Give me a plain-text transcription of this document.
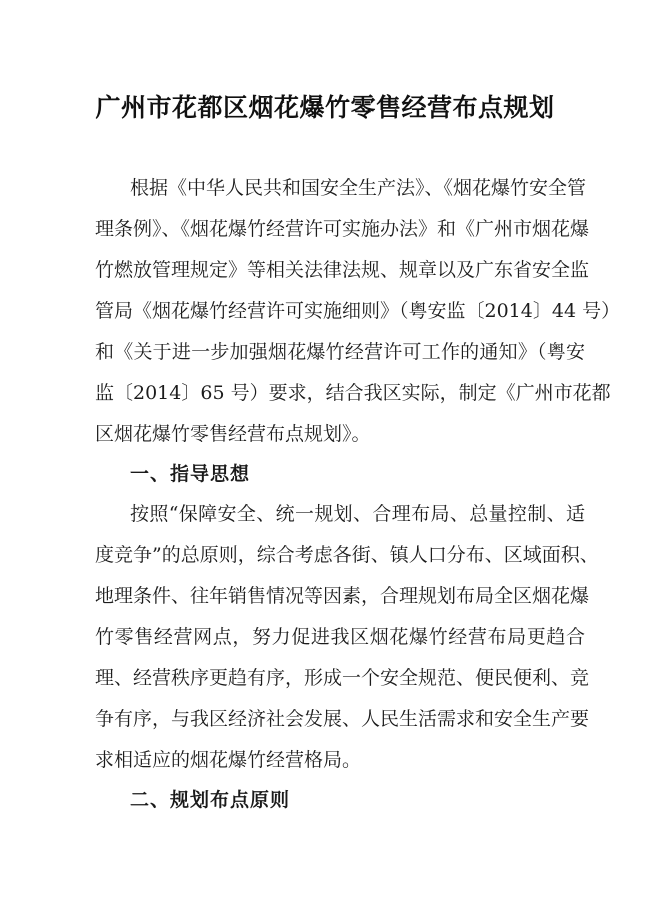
广州市花都区烟花爆竹零售经营布点规划
根据《中华人民共和国安全生产法》、《烟花爆竹安全管
理条例》、《烟花爆竹经营许可实施办法》和《广州市烟花爆
竹燃放管理规定》等相关法律法规、规章以及广东省安全监
管局《烟花爆竹经营许可实施细则》（粤安监〔2014〕44 号）
和《关于进一步加强烟花爆竹经营许可工作的通知》（粤安
监〔2014〕65 号）要求，结合我区实际，制定《广州市花都
区烟花爆竹零售经营布点规划》。
一、指导思想
按照“保障安全、统一规划、合理布局、总量控制、适
度竞争”的总原则，综合考虑各街、镇人口分布、区域面积、
地理条件、往年销售情况等因素，合理规划布局全区烟花爆
竹零售经营网点，努力促进我区烟花爆竹经营布局更趋合
理、经营秩序更趋有序，形成一个安全规范、便民便利、竞
争有序，与我区经济社会发展、人民生活需求和安全生产要
求相适应的烟花爆竹经营格局。
二、规划布点原则
